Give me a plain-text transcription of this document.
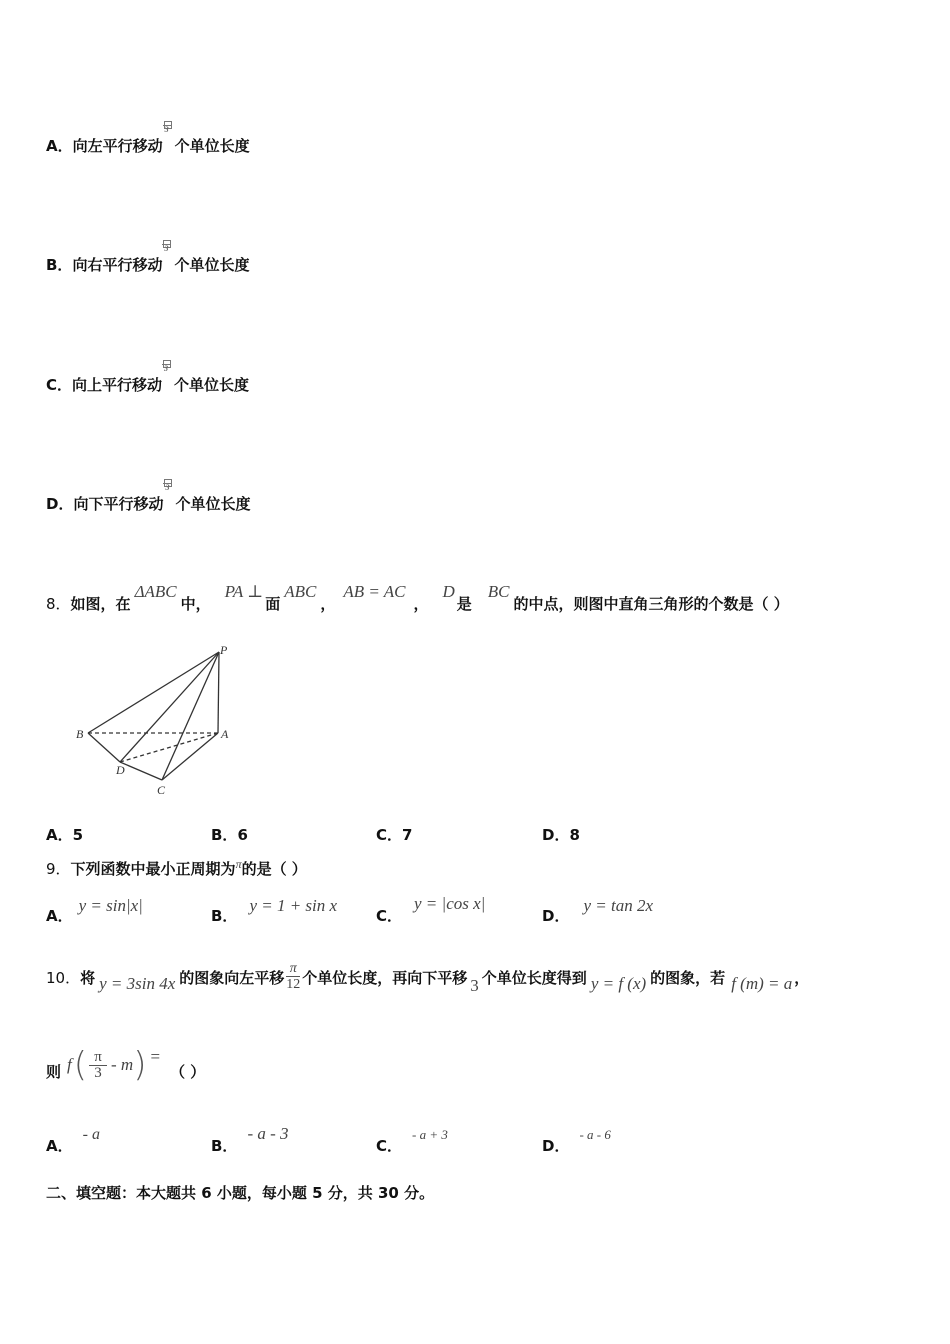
A．向左平行移动
3
个单位长度
B．向右平行移动
3
个单位长度
C．向上平行移动
3
个单位长度
D．向下平行移动
3
个单位长度
8．如图，在ΔABC中，PA ⊥面ABC，AB = AC，D是BC的中点，则图中直角三角形的个数是（ ）
P
A
B
D
C
A．5	B．6	C．7	D．8
9．下列函数中最小正周期为$^\pi$的是（ ）
A．y = sin|x|
B．y = 1 + sin x
C．y = |cos x|
D．y = tan 2x
10．将 y = 3sin 4x 的图象向左平移 $\frac{\pi}{12}$ 个单位长度，再向下平移 3 个单位长度得到 y = f (x) 的图象，若 f (m) = a ，
则 f ( $\frac{\pi}{3}$ - m ) =
（ ）
A．- a
B．- a - 3
C．- a + 3
D．- a - 6
二、填空题：本大题共 6 小题，每小题 5 分，共 30 分。
